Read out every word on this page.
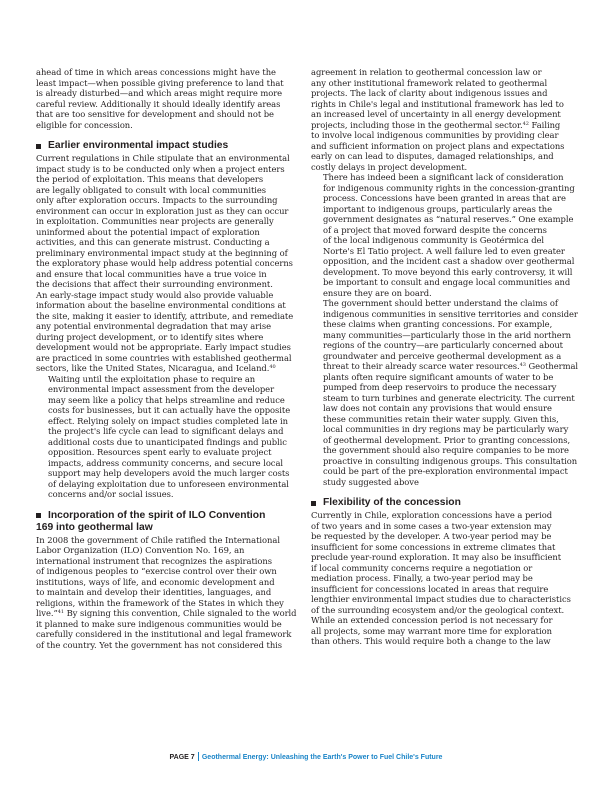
ahead of time in which areas concessions might have the
least impact—when possible giving preference to land that
is already disturbed—and which areas might require more
careful review. Additionally it should ideally identify areas
that are too sensitive for development and should not be
eligible for concession.

Earlier environmental impact studies

Current regulations in Chile stipulate that an environmental
impact study is to be conducted only when a project enters
the period of exploitation. This means that developers
are legally obligated to consult with local communities
only after exploration occurs. Impacts to the surrounding
environment can occur in exploration just as they can occur
in exploitation. Communities near projects are generally
uninformed about the potential impact of exploration
activities, and this can generate mistrust. Conducting a
preliminary environmental impact study at the beginning of
the exploratory phase would help address potential concerns
and ensure that local communities have a true voice in
the decisions that affect their surrounding environment.
An early-stage impact study would also provide valuable
information about the baseline environmental conditions at
the site, making it easier to identify, attribute, and remediate
any potential environmental degradation that may arise
during project development, or to identify sites where
development would not be appropriate. Early impact studies
are practiced in some countries with established geothermal
sectors, like the United States, Nicaragua, and Iceland.$^{40}$

Waiting until the exploitation phase to require an
environmental impact assessment from the developer
may seem like a policy that helps streamline and reduce
costs for businesses, but it can actually have the opposite
effect. Relying solely on impact studies completed late in
the project's life cycle can lead to significant delays and
additional costs due to unanticipated findings and public
opposition. Resources spent early to evaluate project
impacts, address community concerns, and secure local
support may help developers avoid the much larger costs
of delaying exploitation due to unforeseen environmental
concerns and/or social issues.

Incorporation of the spirit of ILO Convention
169 into geothermal law

In 2008 the government of Chile ratified the International
Labor Organization (ILO) Convention No. 169, an
international instrument that recognizes the aspirations
of indigenous peoples to “exercise control over their own
institutions, ways of life, and economic development and
to maintain and develop their identities, languages, and
religions, within the framework of the States in which they
live.”$^{41}$ By signing this convention, Chile signaled to the world
it planned to make sure indigenous communities would be
carefully considered in the institutional and legal framework
of the country. Yet the government has not considered this

agreement in relation to geothermal concession law or
any other institutional framework related to geothermal
projects. The lack of clarity about indigenous issues and
rights in Chile's legal and institutional framework has led to
an increased level of uncertainty in all energy development
projects, including those in the geothermal sector.$^{42}$ Failing
to involve local indigenous communities by providing clear
and sufficient information on project plans and expectations
early on can lead to disputes, damaged relationships, and
costly delays in project development.

There has indeed been a significant lack of consideration
for indigenous community rights in the concession-granting
process. Concessions have been granted in areas that are
important to indigenous groups, particularly areas the
government designates as “natural reserves.” One example
of a project that moved forward despite the concerns
of the local indigenous community is Geotérmica del
Norte's El Tatio project. A well failure led to even greater
opposition, and the incident cast a shadow over geothermal
development. To move beyond this early controversy, it will
be important to consult and engage local communities and
ensure they are on board.

The government should better understand the claims of
indigenous communities in sensitive territories and consider
these claims when granting concessions. For example,
many communities—particularly those in the arid northern
regions of the country—are particularly concerned about
groundwater and perceive geothermal development as a
threat to their already scarce water resources.$^{43}$ Geothermal
plants often require significant amounts of water to be
pumped from deep reservoirs to produce the necessary
steam to turn turbines and generate electricity. The current
law does not contain any provisions that would ensure
these communities retain their water supply. Given this,
local communities in dry regions may be particularly wary
of geothermal development. Prior to granting concessions,
the government should also require companies to be more
proactive in consulting indigenous groups. This consultation
could be part of the pre-exploration environmental impact
study suggested above

Flexibility of the concession

Currently in Chile, exploration concessions have a period
of two years and in some cases a two-year extension may
be requested by the developer. A two-year period may be
insufficient for some concessions in extreme climates that
preclude year-round exploration. It may also be insufficient
if local community concerns require a negotiation or
mediation process. Finally, a two-year period may be
insufficient for concessions located in areas that require
lengthier environmental impact studies due to characteristics
of the surrounding ecosystem and/or the geological context.
While an extended concession period is not necessary for
all projects, some may warrant more time for exploration
than others. This would require both a change to the law

PAGE 7 Geothermal Energy: Unleashing the Earth's Power to Fuel Chile's Future
